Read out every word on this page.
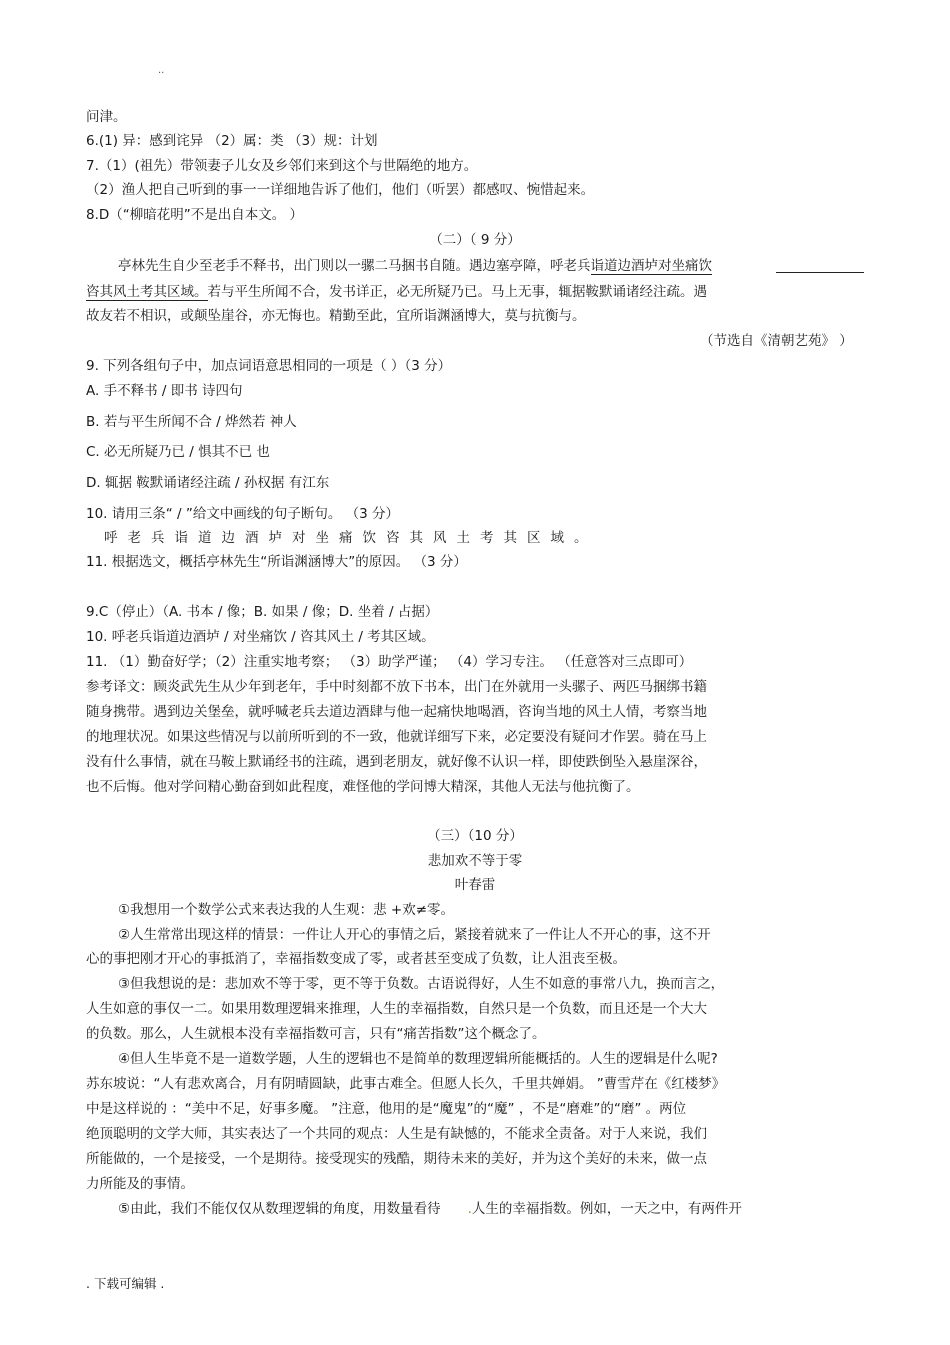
..
问津。
6.(1) 异：感到诧异 （2）属：类 （3）规：计划
7.（1）(祖先）带领妻子儿女及乡邻们来到这个与世隔绝的地方。
（2）渔人把自己听到的事一一详细地告诉了他们，他们（听罢）都感叹、惋惜起来。
8.D（“柳暗花明”不是出自本文。 ）
（二）（ 9 分）
亭林先生自少至老手不释书，出门则以一骡二马捆书自随。遇边塞亭障，呼老兵诣道边酒垆对坐痛饮
咨其风土考其区域。若与平生所闻不合，发书详正，必无所疑乃已。马上无事，辄据鞍默诵诸经注疏。遇
故友若不相识，或颠坠崖谷，亦无悔也。精勤至此，宜所诣渊涵博大，莫与抗衡与。
（节选自《清朝艺苑》 ）
9. 下列各组句子中，加点词语意思相同的一项是（ ）（3 分）
A. 手不释书 / 即书 诗四句
B. 若与平生所闻不合 / 烨然若 神人
C. 必无所疑乃已 / 惧其不已 也
D. 辄据 鞍默诵诸经注疏 / 孙权据 有江东
10. 请用三条“ / ”给文中画线的句子断句。 （3 分）
呼老兵诣道边酒垆对坐痛饮咨其风土考其区域。
11. 根据选文，概括亭林先生“所诣渊涵博大”的原因。 （3 分）
9.C（停止）（A. 书本 / 像；B. 如果 / 像；D. 坐着 / 占据）
10. 呼老兵诣道边酒垆 / 对坐痛饮 / 咨其风土 / 考其区域。
11. （1）勤奋好学；（2）注重实地考察； （3）助学严谨； （4）学习专注。 （任意答对三点即可）
参考译文：顾炎武先生从少年到老年，手中时刻都不放下书本，出门在外就用一头骡子、两匹马捆绑书籍
随身携带。遇到边关堡垒，就呼喊老兵去道边酒肆与他一起痛快地喝酒，咨询当地的风土人情，考察当地
的地理状况。如果这些情况与以前所听到的不一致，他就详细写下来，必定要没有疑问才作罢。骑在马上
没有什么事情，就在马鞍上默诵经书的注疏，遇到老朋友，就好像不认识一样，即使跌倒坠入悬崖深谷，
也不后悔。他对学问精心勤奋到如此程度，难怪他的学问博大精深，其他人无法与他抗衡了。
（三）（10 分）
悲加欢不等于零
叶春雷
①我想用一个数学公式来表达我的人生观：悲 +欢≠零。
②人生常常出现这样的情景：一件让人开心的事情之后，紧接着就来了一件让人不开心的事，这不开
心的事把刚才开心的事抵消了，幸福指数变成了零，或者甚至变成了负数，让人沮丧至极。
③但我想说的是：悲加欢不等于零，更不等于负数。古语说得好，人生不如意的事常八九，换而言之，
人生如意的事仅一二。如果用数理逻辑来推理，人生的幸福指数，自然只是一个负数，而且还是一个大大
的负数。那么，人生就根本没有幸福指数可言，只有“痛苦指数”这个概念了。
④但人生毕竟不是一道数学题，人生的逻辑也不是简单的数理逻辑所能概括的。人生的逻辑是什么呢?
苏东坡说：“人有悲欢离合，月有阴晴圆缺，此事古难全。但愿人长久，千里共婵娟。 ”曹雪芹在《红楼梦》
中是这样说的 ：“美中不足，好事多魔。 ”注意，他用的是“魔鬼”的“魔” ，不是“磨难”的“磨” 。两位
绝顶聪明的文学大师，其实表达了一个共同的观点：人生是有缺憾的，不能求全责备。对于人来说，我们
所能做的，一个是接受，一个是期待。接受现实的残酷，期待未来的美好，并为这个美好的未来，做一点
力所能及的事情。
⑤由此，我们不能仅仅从数理逻辑的角度，用数量看待   .人生的幸福指数。例如，一天之中，有两件开
. 下载可编辑 .
